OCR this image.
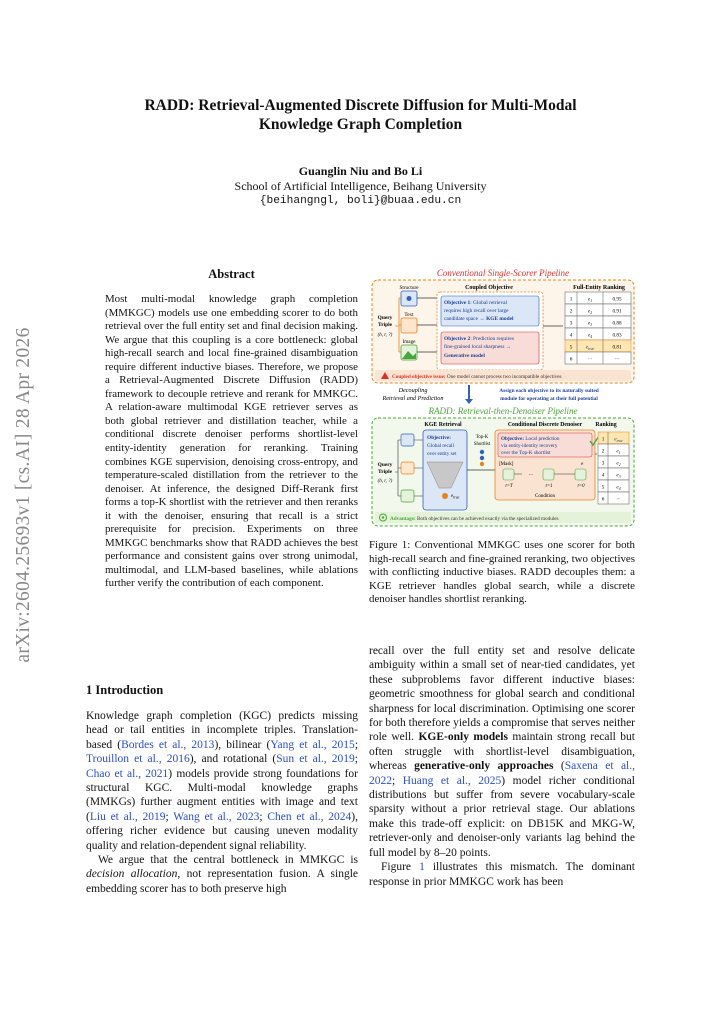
RADD: Retrieval-Augmented Discrete Diffusion for Multi-Modal
Knowledge Graph Completion
Guanglin Niu and Bo Li
School of Artificial Intelligence, Beihang University
{beihangngl, boli}@buaa.edu.cn
arXiv:2604.25693v1 [cs.AI] 28 Apr 2026
Abstract
Most multi-modal knowledge graph completion (MMKGC) models use one embedding scorer to do both retrieval over the full entity set and final decision making. We argue that this coupling is a core bottleneck: global high-recall search and local fine-grained disambiguation require different inductive biases. Therefore, we propose a Retrieval-Augmented Discrete Diffusion (RADD) framework to decouple retrieve and rerank for MMKGC. A relation-aware multimodal KGE retriever serves as both global retriever and distillation teacher, while a conditional discrete denoiser performs shortlist-level entity-identity generation for reranking. Training combines KGE supervision, denoising cross-entropy, and temperature-scaled distillation from the retriever to the denoiser. At inference, the designed Diff-Rerank first forms a top-K shortlist with the retriever and then reranks it with the denoiser, ensuring that recall is a strict prerequisite for precision. Experiments on three MMKGC benchmarks show that RADD achieves the best performance and consistent gains over strong unimodal, multimodal, and LLM-based baselines, while ablations further verify the contribution of each component.
1 Introduction

Knowledge graph completion (KGC) predicts missing head or tail entities in incomplete triples. Translation-based (Bordes et al., 2013), bilinear (Yang et al., 2015; Trouillon et al., 2016), and rotational (Sun et al., 2019; Chao et al., 2021) models provide strong foundations for structural KGC. Multi-modal knowledge graphs (MMKGs) further augment entities with image and text (Liu et al., 2019; Wang et al., 2023; Chen et al., 2024), offering richer evidence but causing uneven modality quality and relation-dependent signal reliability.

We argue that the central bottleneck in MMKGC is decision allocation, not representation fusion. A single embedding scorer has to both preserve high

recall over the full entity set and resolve delicate ambiguity within a small set of near-tied candidates, yet these subproblems favor different inductive biases: geometric smoothness for global search and conditional sharpness for local discrimination. Optimising one scorer for both therefore yields a compromise that serves neither role well. KGE-only models maintain strong recall but often struggle with shortlist-level disambiguation, whereas generative-only approaches (Saxena et al., 2022; Huang et al., 2025) model richer conditional distributions but suffer from severe vocabulary-scale sparsity without a prior retrieval stage. Our ablations make this trade-off explicit: on DB15K and MKG-W, retriever-only and denoiser-only variants lag behind the full model by 8–20 points.

Figure 1 illustrates this mismatch. The dominant response in prior MMKGC work has been

Conventional Single-Scorer Pipeline
Structure
Text
Image
Query
Triple
(h, r, ?)
Coupled Objective
Objective 1: Global retrieval
requires high recall over large
candidate space → KGE model
Objective 2: Prediction requires
fine-grained local sharpness →
Generative model
Full-Entity Ranking
1	$e_1$	0.95
2	$e_2$	0.91
3	$e_3$	0.88
4	$e_4$	0.83
5	$e_{true}$	0.81
6	···	···
Coupled objective issue: One model cannot process two incompatible objectives
Decoupling
Retrieval and Prediction
Assign each objective to its naturally suited
module for operating at their full potential
RADD: Retrieval-then-Denoiser Pipeline
KGE Retrieval	Conditional Discrete Denoiser Ranking
Query
Triple
(h, r, ?)
Objective:
Global recall
over entity set
$e_{true}$
Top-K
Shortlist
Objective: Local prediction
via entity-identity recovery
over the Top-K shortlist
[Mask]	e
···
t=T	t=1	t=0
Condition
1 $e_{true}$
2 $e_1$
3 $e_2$
4 $e_3$
5 $e_4$
6 ···
Advantage: Both objectives can be achieved exactly via the specialized modules
Figure 1: Conventional MMKGC uses one scorer for both high-recall search and fine-grained reranking, two objectives with conflicting inductive biases. RADD decouples them: a KGE retriever handles global search, while a discrete denoiser handles shortlist reranking.
